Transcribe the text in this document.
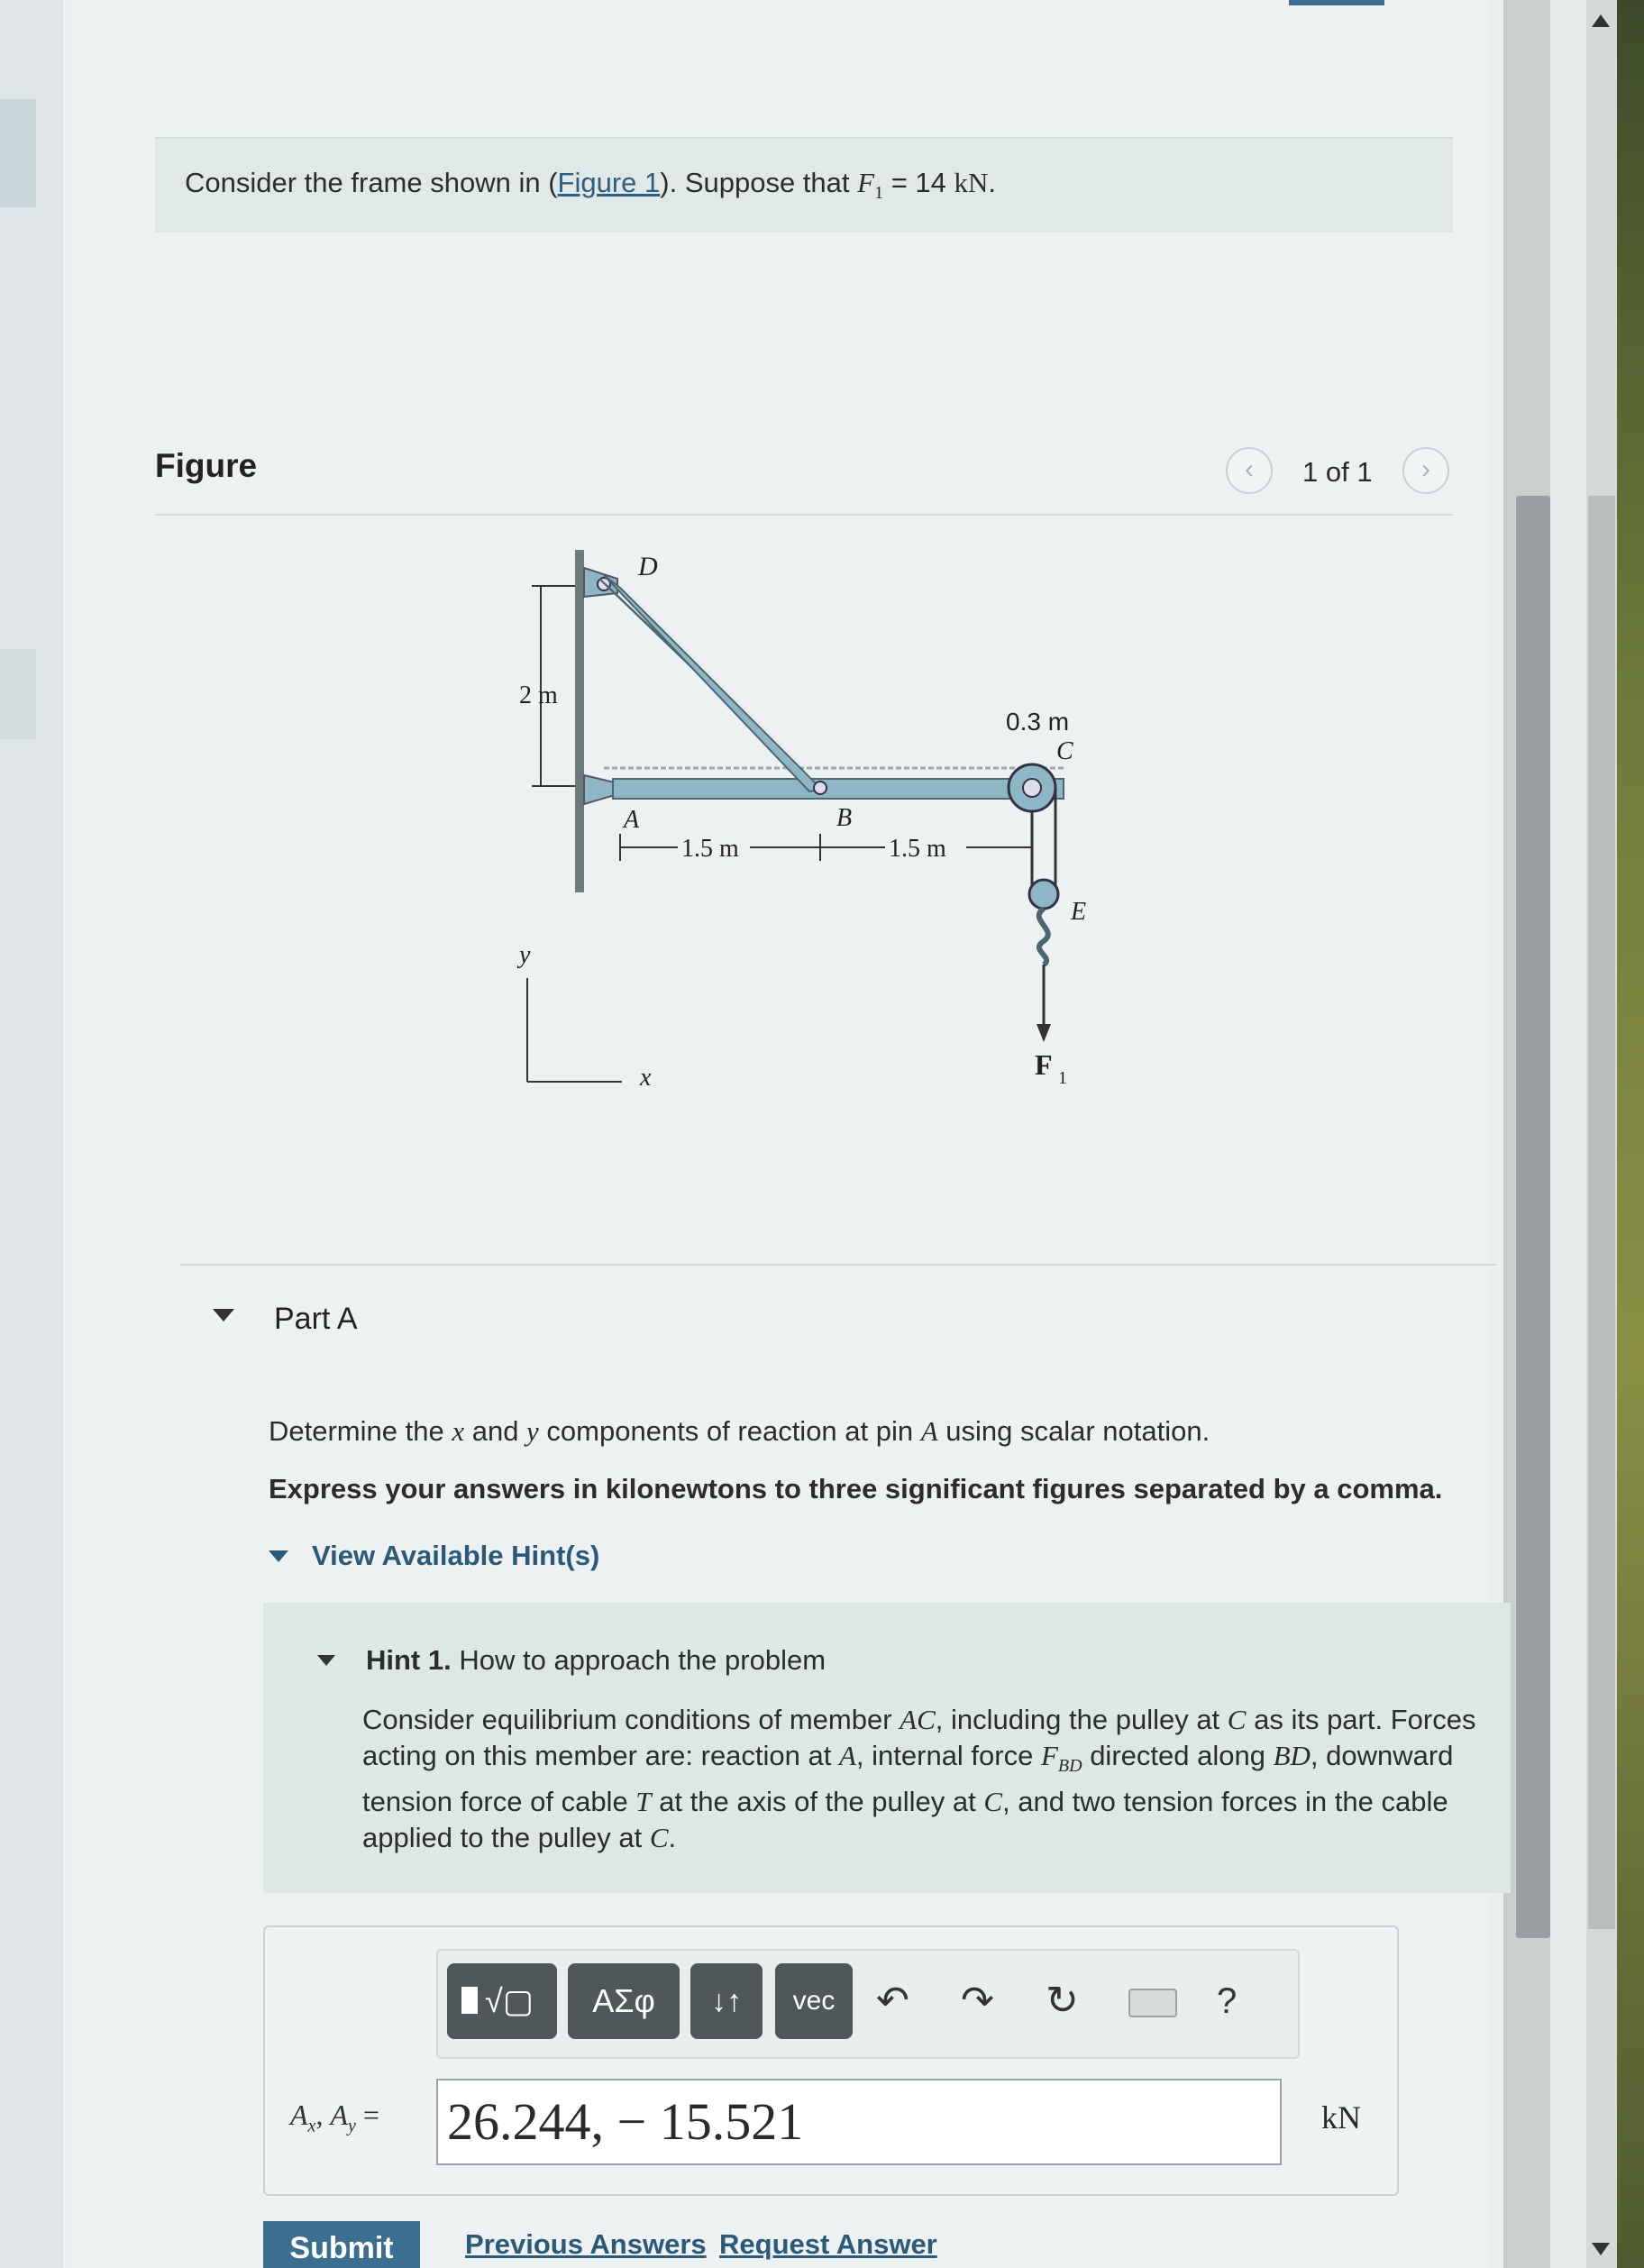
Consider the frame shown in (Figure 1). Suppose that $F_1 = 14$ kN.
Figure	‹	1 of 1	›
D
A	B
C
E
2 m
1.5 m	1.5 m
0.3 m
y
x	F 1
Part A
Determine the x and y components of reaction at pin A using scalar notation.
Express your answers in kilonewtons to three significant figures separated by a comma.
View Available Hint(s)
Hint 1. How to approach the problem
Consider equilibrium conditions of member AC, including the pulley at C as its part. Forces acting on this member are: reaction at A, internal force $F_{BD}$ directed along BD, downward tension force of cable T at the axis of the pulley at C, and two tension forces in the cable applied to the pulley at C.
√▢	ΑΣφ	↓↑	vec	↶ ↷ ↻	?
$A_x$, $A_y = 26.244$, − 15.521	kN
Submit	Previous Answers Request Answer
